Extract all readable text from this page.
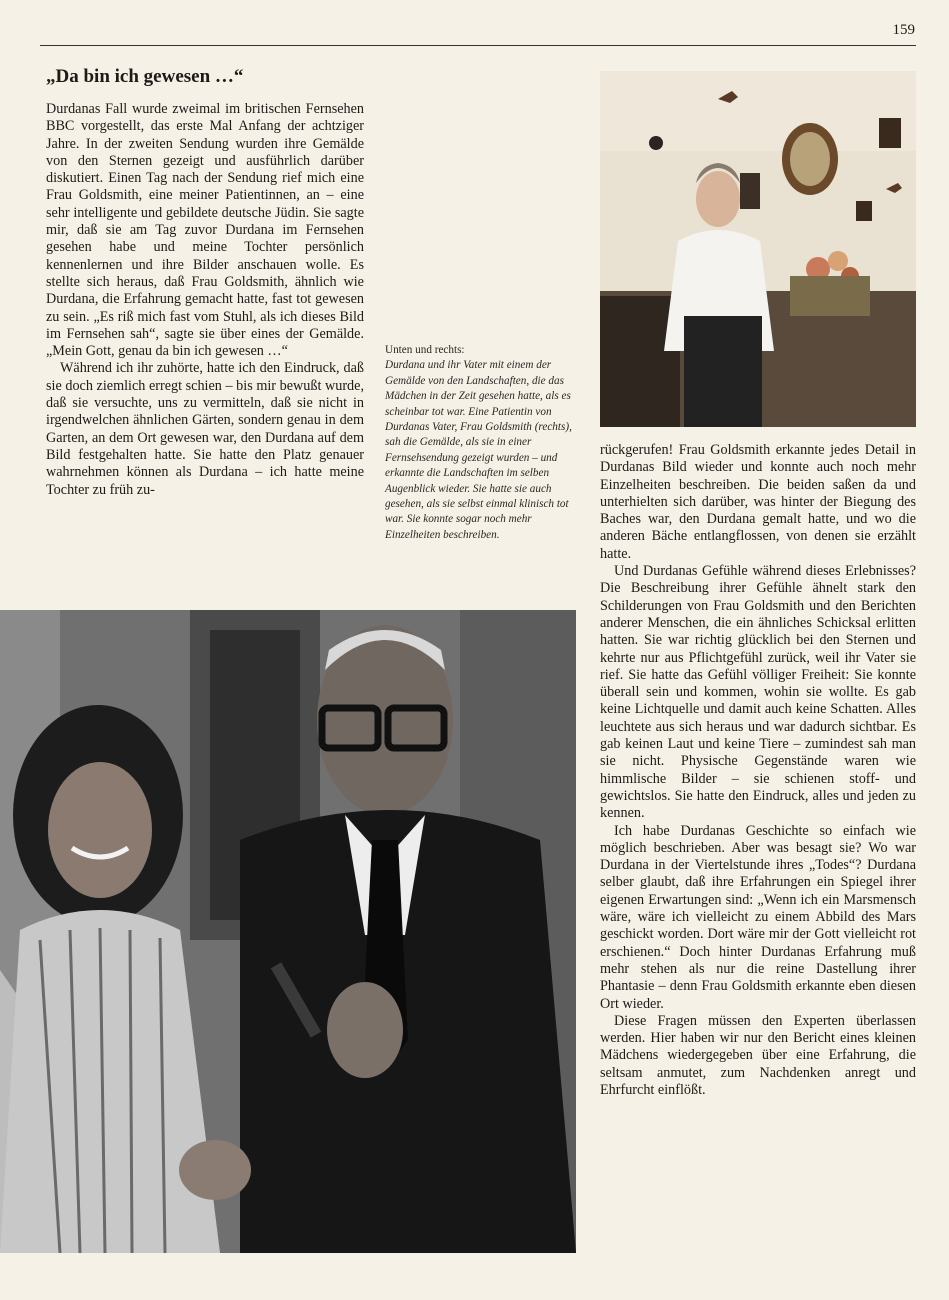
159
„Da bin ich gewesen …“

Durdanas Fall wurde zweimal im britischen Fernsehen BBC vorgestellt, das erste Mal Anfang der achtziger Jahre. In der zweiten Sendung wurden ihre Gemälde von den Sternen gezeigt und ausführlich darüber diskutiert. Einen Tag nach der Sendung rief mich eine Frau Goldsmith, eine meiner Patientinnen, an – eine sehr intelligente und gebildete deutsche Jüdin. Sie sagte mir, daß sie am Tag zuvor Durdana im Fernsehen gesehen habe und meine Tochter persönlich kennenlernen und ihre Bilder anschauen wolle. Es stellte sich heraus, daß Frau Goldsmith, ähnlich wie Durdana, die Erfahrung gemacht hatte, fast tot gewesen zu sein. „Es riß mich fast vom Stuhl, als ich dieses Bild im Fernsehen sah“, sagte sie über eines der Gemälde. „Mein Gott, genau da bin ich gewesen …“

Während ich ihr zuhörte, hatte ich den Eindruck, daß sie doch ziemlich erregt schien – bis mir bewußt wurde, daß sie versuchte, uns zu vermitteln, daß sie nicht in irgendwelchen ähnlichen Gärten, sondern genau in dem Garten, an dem Ort gewesen war, den Durdana auf dem Bild festgehalten hatte. Sie hatte den Platz genauer wahrnehmen können als Durdana – ich hatte meine Tochter zu früh zu-

Unten und rechts:
Durdana und ihr Vater mit einem der Gemälde von den Landschaften, die das Mädchen in der Zeit gesehen hatte, als es scheinbar tot war. Eine Patientin von Durdanas Vater, Frau Goldsmith (rechts), sah die Gemälde, als sie in einer Fernsehsendung gezeigt wurden – und erkannte die Landschaften im selben Augenblick wieder. Sie hatte sie auch gesehen, als sie selbst einmal klinisch tot war. Sie konnte sogar noch mehr Einzelheiten beschreiben.

rückgerufen! Frau Goldsmith erkannte jedes Detail in Durdanas Bild wieder und konnte auch noch mehr Einzelheiten beschreiben. Die beiden saßen da und unterhielten sich darüber, was hinter der Biegung des Baches war, den Durdana gemalt hatte, und wo die anderen Bäche entlangflossen, von denen sie erzählt hatte.

Und Durdanas Gefühle während dieses Erlebnisses? Die Beschreibung ihrer Gefühle ähnelt stark den Schilderungen von Frau Goldsmith und den Berichten anderer Menschen, die ein ähnliches Schicksal erlitten hatten. Sie war richtig glücklich bei den Sternen und kehrte nur aus Pflichtgefühl zurück, weil ihr Vater sie rief. Sie hatte das Gefühl völliger Freiheit: Sie konnte überall sein und kommen, wohin sie wollte. Es gab keine Lichtquelle und damit auch keine Schatten. Alles leuchtete aus sich heraus und war dadurch sichtbar. Es gab keinen Laut und keine Tiere – zumindest sah man sie nicht. Physische Gegenstände waren wie himmlische Bilder – sie schienen stoff- und gewichtslos. Sie hatte den Eindruck, alles und jeden zu kennen.

Ich habe Durdanas Geschichte so einfach wie möglich beschrieben. Aber was besagt sie? Wo war Durdana in der Viertelstunde ihres „Todes“? Durdana selber glaubt, daß ihre Erfahrungen ein Spiegel ihrer eigenen Erwartungen sind: „Wenn ich ein Marsmensch wäre, wäre ich vielleicht zu einem Abbild des Mars geschickt worden. Dort wäre mir der Gott vielleicht rot erschienen.“ Doch hinter Durdanas Erfahrung muß mehr stehen als nur die reine Dastellung ihrer Phantasie – denn Frau Goldsmith erkannte eben diesen Ort wieder.

Diese Fragen müssen den Experten überlassen werden. Hier haben wir nur den Bericht eines kleinen Mädchens wiedergegeben über eine Erfahrung, die seltsam anmutet, zum Nachdenken anregt und Ehrfurcht einflößt.
